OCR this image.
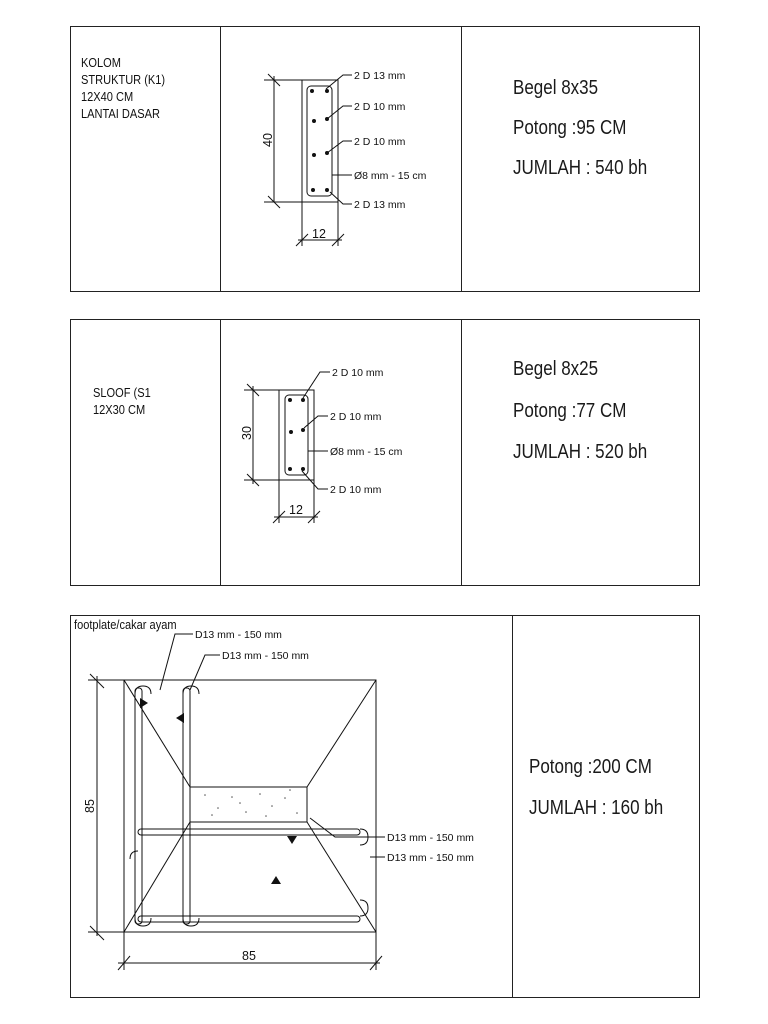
KOLOM
STRUKTUR (K1)
12X40 CM
LANTAI DASAR
Begel 8x35
Potong :95 CM
JUMLAH : 540 bh
40
12
2 D 13 mm
2 D 10 mm
2 D 10 mm
Ø8 mm - 15 cm
2 D 13 mm
SLOOF (S1
12X30 CM
Begel 8x25
Potong :77 CM
JUMLAH : 520 bh
30
12
2 D 10 mm
2 D 10 mm
Ø8 mm - 15 cm
2 D 10 mm
footplate/cakar ayam
Potong :200 CM
JUMLAH : 160 bh
85
85
D13 mm - 150 mm
D13 mm - 150 mm
D13 mm - 150 mm
D13 mm - 150 mm
